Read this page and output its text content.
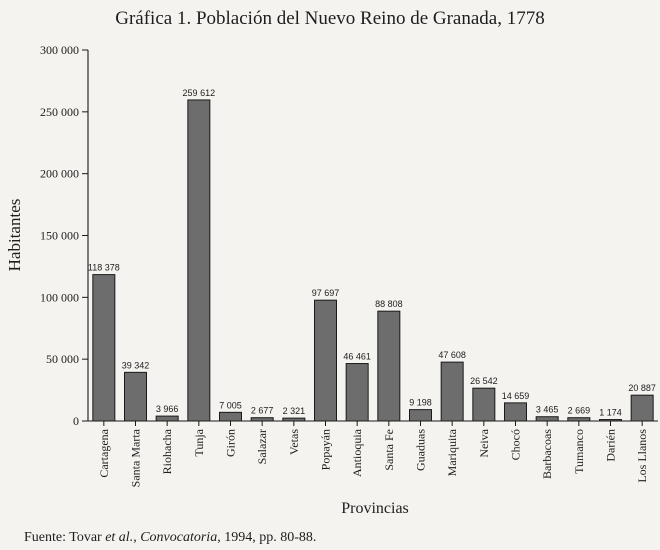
Gráfica 1. Población del Nuevo Reino de Granada, 1778
Habitantes
Provincias
0
50 000
100 000
150 000
200 000
250 000
300 000
118 378
Cartagena
39 342
Santa Marta
3 966
Riohacha
259 612
Tunja
7 005
Girón
2 677
Salazar
2 321
Vetas
97 697
Popayán
46 461
Antioquia
88 808
Santa Fe
9 198
Guaduas
47 608
Mariquita
26 542
Neiva
14 659
Chocó
3 465
Barbacoas
2 669
Tumanco
1 174
Darién
20 887
Los Llanos
Fuente: Tovar et al., Convocatoria, 1994, pp. 80-88.
